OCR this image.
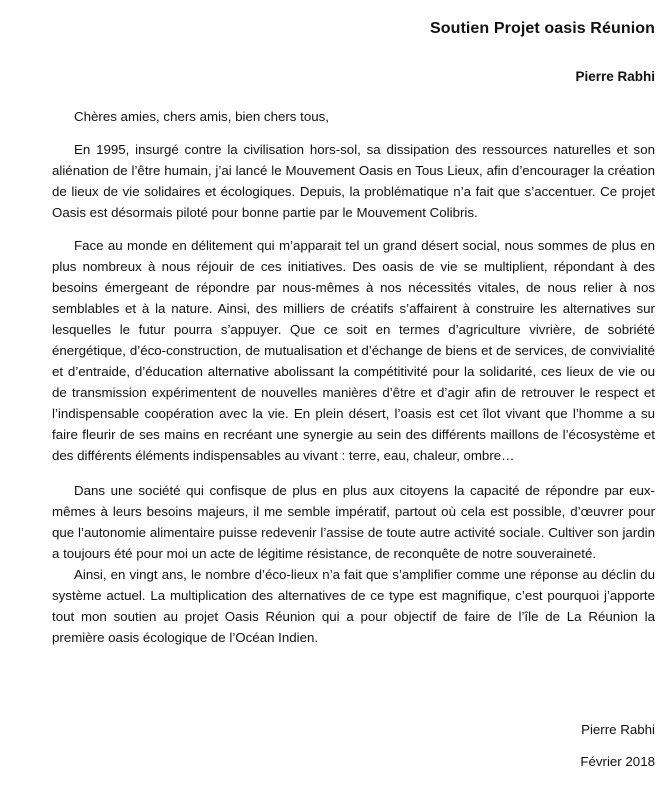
Soutien Projet oasis Réunion
Pierre Rabhi

Chères amies, chers amis, bien chers tous,

En 1995, insurgé contre la civilisation hors-sol, sa dissipation des ressources naturelles et son aliénation de l’être humain, j’ai lancé le Mouvement Oasis en Tous Lieux, afin d’encourager la création de lieux de vie solidaires et écologiques. Depuis, la problématique n’a fait que s’accentuer. Ce projet Oasis est désormais piloté pour bonne partie par le Mouvement Colibris.

Face au monde en délitement qui m’apparait tel un grand désert social, nous sommes de plus en plus nombreux à nous réjouir de ces initiatives. Des oasis de vie se multiplient, répondant à des besoins émergeant de répondre par nous-mêmes à nos nécessités vitales, de nous relier à nos semblables et à la nature. Ainsi, des milliers de créatifs s’affairent à construire les alternatives sur lesquelles le futur pourra s’appuyer. Que ce soit en termes d’agriculture vivrière, de sobriété énergétique, d’éco-construction, de mutualisation et d’échange de biens et de services, de convivialité et d’entraide, d’éducation alternative abolissant la compétitivité pour la solidarité, ces lieux de vie ou de transmission expérimentent de nouvelles manières d’être et d’agir afin de retrouver le respect et l’indispensable coopération avec la vie. En plein désert, l’oasis est cet îlot vivant que l’homme a su faire fleurir de ses mains en recréant une synergie au sein des différents maillons de l’écosystème et des différents éléments indispensables au vivant : terre, eau, chaleur, ombre…

Dans une société qui confisque de plus en plus aux citoyens la capacité de répondre par eux-mêmes à leurs besoins majeurs, il me semble impératif, partout où cela est possible, d’œuvrer pour que l’autonomie alimentaire puisse redevenir l’assise de toute autre activité sociale. Cultiver son jardin a toujours été pour moi un acte de légitime résistance, de reconquête de notre souveraineté.

Ainsi, en vingt ans, le nombre d’éco-lieux n’a fait que s’amplifier comme une réponse au déclin du système actuel. La multiplication des alternatives de ce type est magnifique, c’est pourquoi j’apporte tout mon soutien au projet Oasis Réunion qui a pour objectif de faire de l’île de La Réunion la première oasis écologique de l’Océan Indien.

Pierre Rabhi
Février 2018
